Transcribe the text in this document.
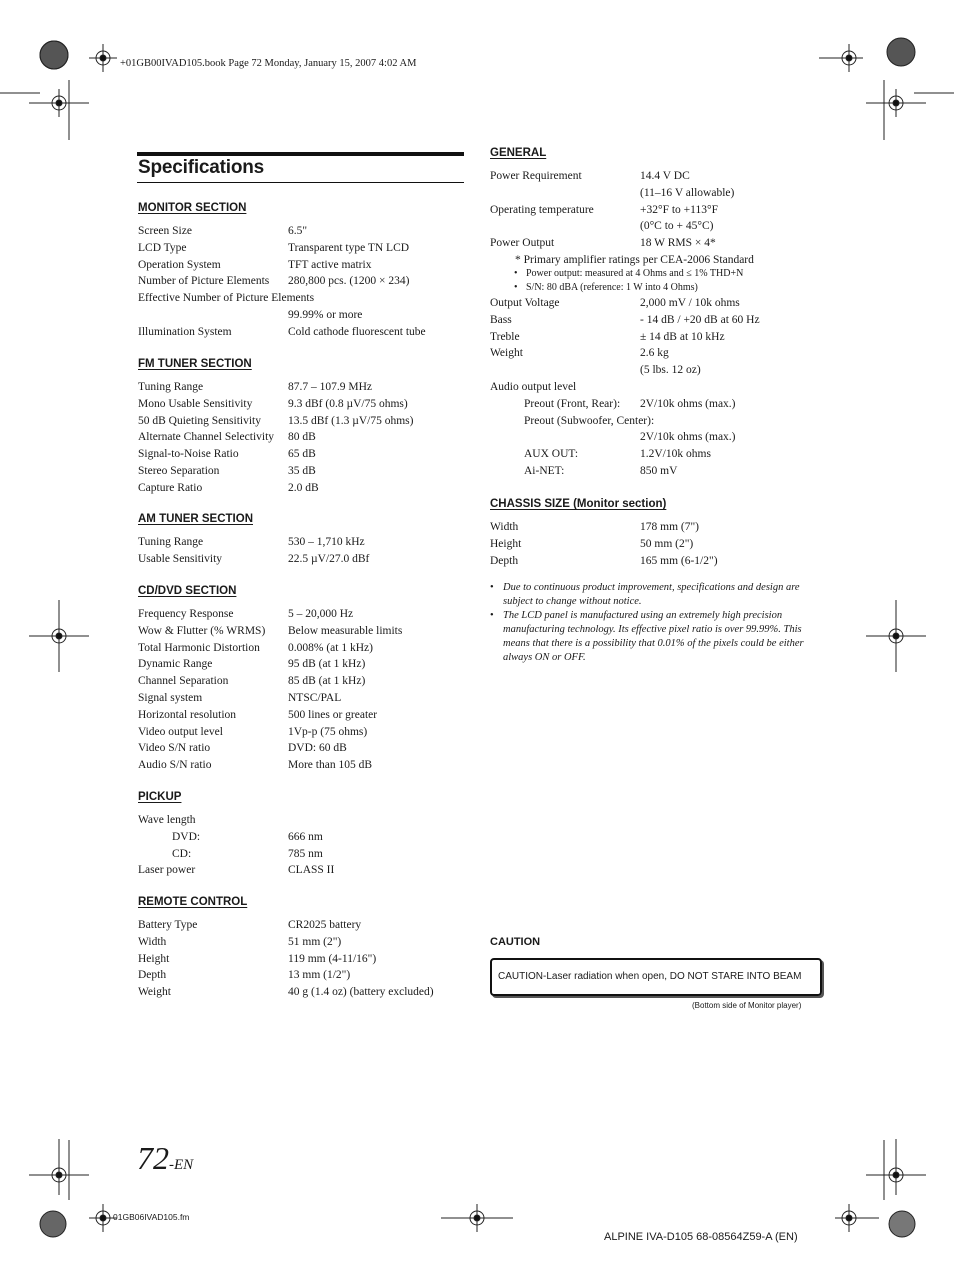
+01GB00IVAD105.book Page 72 Monday, January 15, 2007 4:02 AM
Specifications
MONITOR SECTION
Screen Size	6.5"
LCD Type	Transparent type TN LCD
Operation System	TFT active matrix
Number of Picture Elements 280,800 pcs. (1200 × 234)
Effective Number of Picture Elements
99.99% or more
Illumination System	Cold cathode fluorescent tube
FM TUNER SECTION
Tuning Range	87.7 – 107.9 MHz
Mono Usable Sensitivity	9.3 dBf (0.8 µV/75 ohms)
50 dB Quieting Sensitivity 13.5 dBf (1.3 µV/75 ohms)
Alternate Channel Selectivity 80 dB
Signal-to-Noise Ratio	65 dB
Stereo Separation	35 dB
Capture Ratio	2.0 dB
AM TUNER SECTION
Tuning Range	530 – 1,710 kHz
Usable Sensitivity	22.5 µV/27.0 dBf
CD/DVD SECTION
Frequency Response	5 – 20,000 Hz
Wow & Flutter (% WRMS) Below measurable limits
Total Harmonic Distortion 0.008% (at 1 kHz)
Dynamic Range	95 dB (at 1 kHz)
Channel Separation	85 dB (at 1 kHz)
Signal system	NTSC/PAL
Horizontal resolution	500 lines or greater
Video output level	1Vp-p (75 ohms)
Video S/N ratio	DVD: 60 dB
Audio S/N ratio	More than 105 dB
PICKUP
Wave length
DVD:	666 nm
CD:	785 nm
Laser power	CLASS II
REMOTE CONTROL
Battery Type	CR2025 battery
Width	51 mm (2")
Height	119 mm (4-11/16")
Depth	13 mm (1/2")
Weight	40 g (1.4 oz) (battery excluded)
GENERAL
Power Requirement	14.4 V DC
(11–16 V allowable)
Operating temperature	+32°F to +113°F
(0°C to + 45°C)
Power Output	18 W RMS × 4*
* Primary amplifier ratings per CEA-2006 Standard
• Power output: measured at 4 Ohms and ≤ 1% THD+N
• S/N: 80 dBA (reference: 1 W into 4 Ohms)
Output Voltage	2,000 mV / 10k ohms
Bass	- 14 dB / +20 dB at 60 Hz
Treble	± 14 dB at 10 kHz
Weight	2.6 kg
(5 lbs. 12 oz)
Audio output level
Preout (Front, Rear): 2V/10k ohms (max.)
Preout (Subwoofer, Center):
2V/10k ohms (max.)
AUX OUT:	1.2V/10k ohms
Ai-NET:	850 mV
CHASSIS SIZE (Monitor section)
Width	178 mm (7")
Height	50 mm (2")
Depth	165 mm (6-1/2")
• Due to continuous product improvement, specifications and design are subject to change without notice.
• The LCD panel is manufactured using an extremely high precision manufacturing technology. Its effective pixel ratio is over 99.99%. This means that there is a possibility that 0.01% of the pixels could be either always ON or OFF.
CAUTION
CAUTION-Laser radiation when open, DO NOT STARE INTO BEAM
(Bottom side of Monitor player)
72-EN
01GB06IVAD105.fm
ALPINE IVA-D105 68-08564Z59-A (EN)
